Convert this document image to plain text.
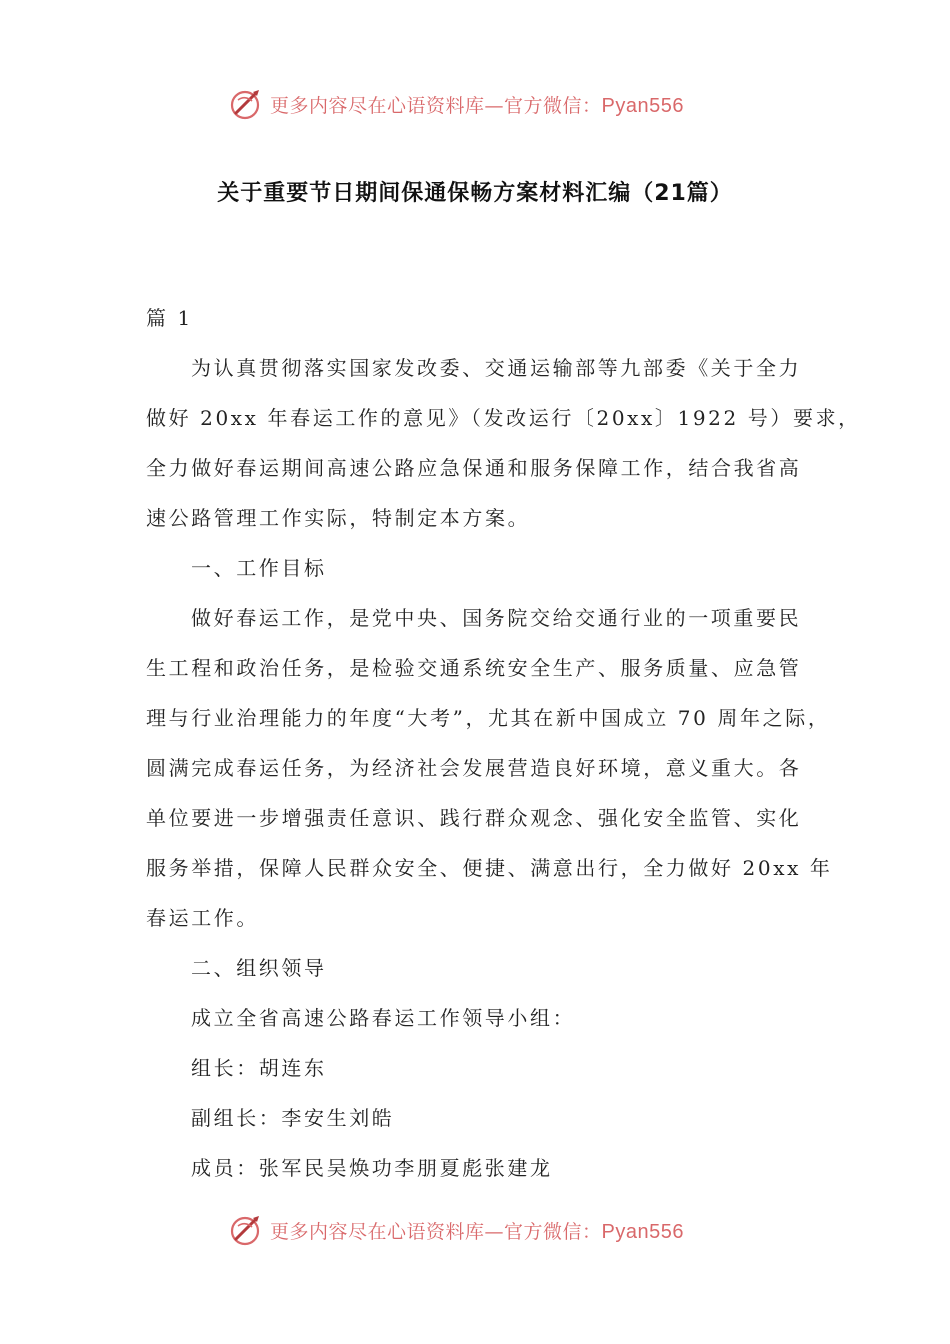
更多内容尽在心语资料库—官方微信：Pyan556
关于重要节日期间保通保畅方案材料汇编（21篇）
篇 1
为认真贯彻落实国家发改委、交通运输部等九部委《关于全力
做好 20xx 年春运工作的意见》（发改运行〔20xx〕1922 号）要求，
全力做好春运期间高速公路应急保通和服务保障工作，结合我省高
速公路管理工作实际，特制定本方案。
一、工作目标
做好春运工作，是党中央、国务院交给交通行业的一项重要民
生工程和政治任务，是检验交通系统安全生产、服务质量、应急管
理与行业治理能力的年度“大考”，尤其在新中国成立 70 周年之际，
圆满完成春运任务，为经济社会发展营造良好环境，意义重大。各
单位要进一步增强责任意识、践行群众观念、强化安全监管、实化
服务举措，保障人民群众安全、便捷、满意出行，全力做好 20xx 年
春运工作。
二、组织领导
成立全省高速公路春运工作领导小组：
组长：胡连东
副组长：李安生刘皓
成员：张军民吴焕功李朋夏彪张建龙
更多内容尽在心语资料库—官方微信：Pyan556
